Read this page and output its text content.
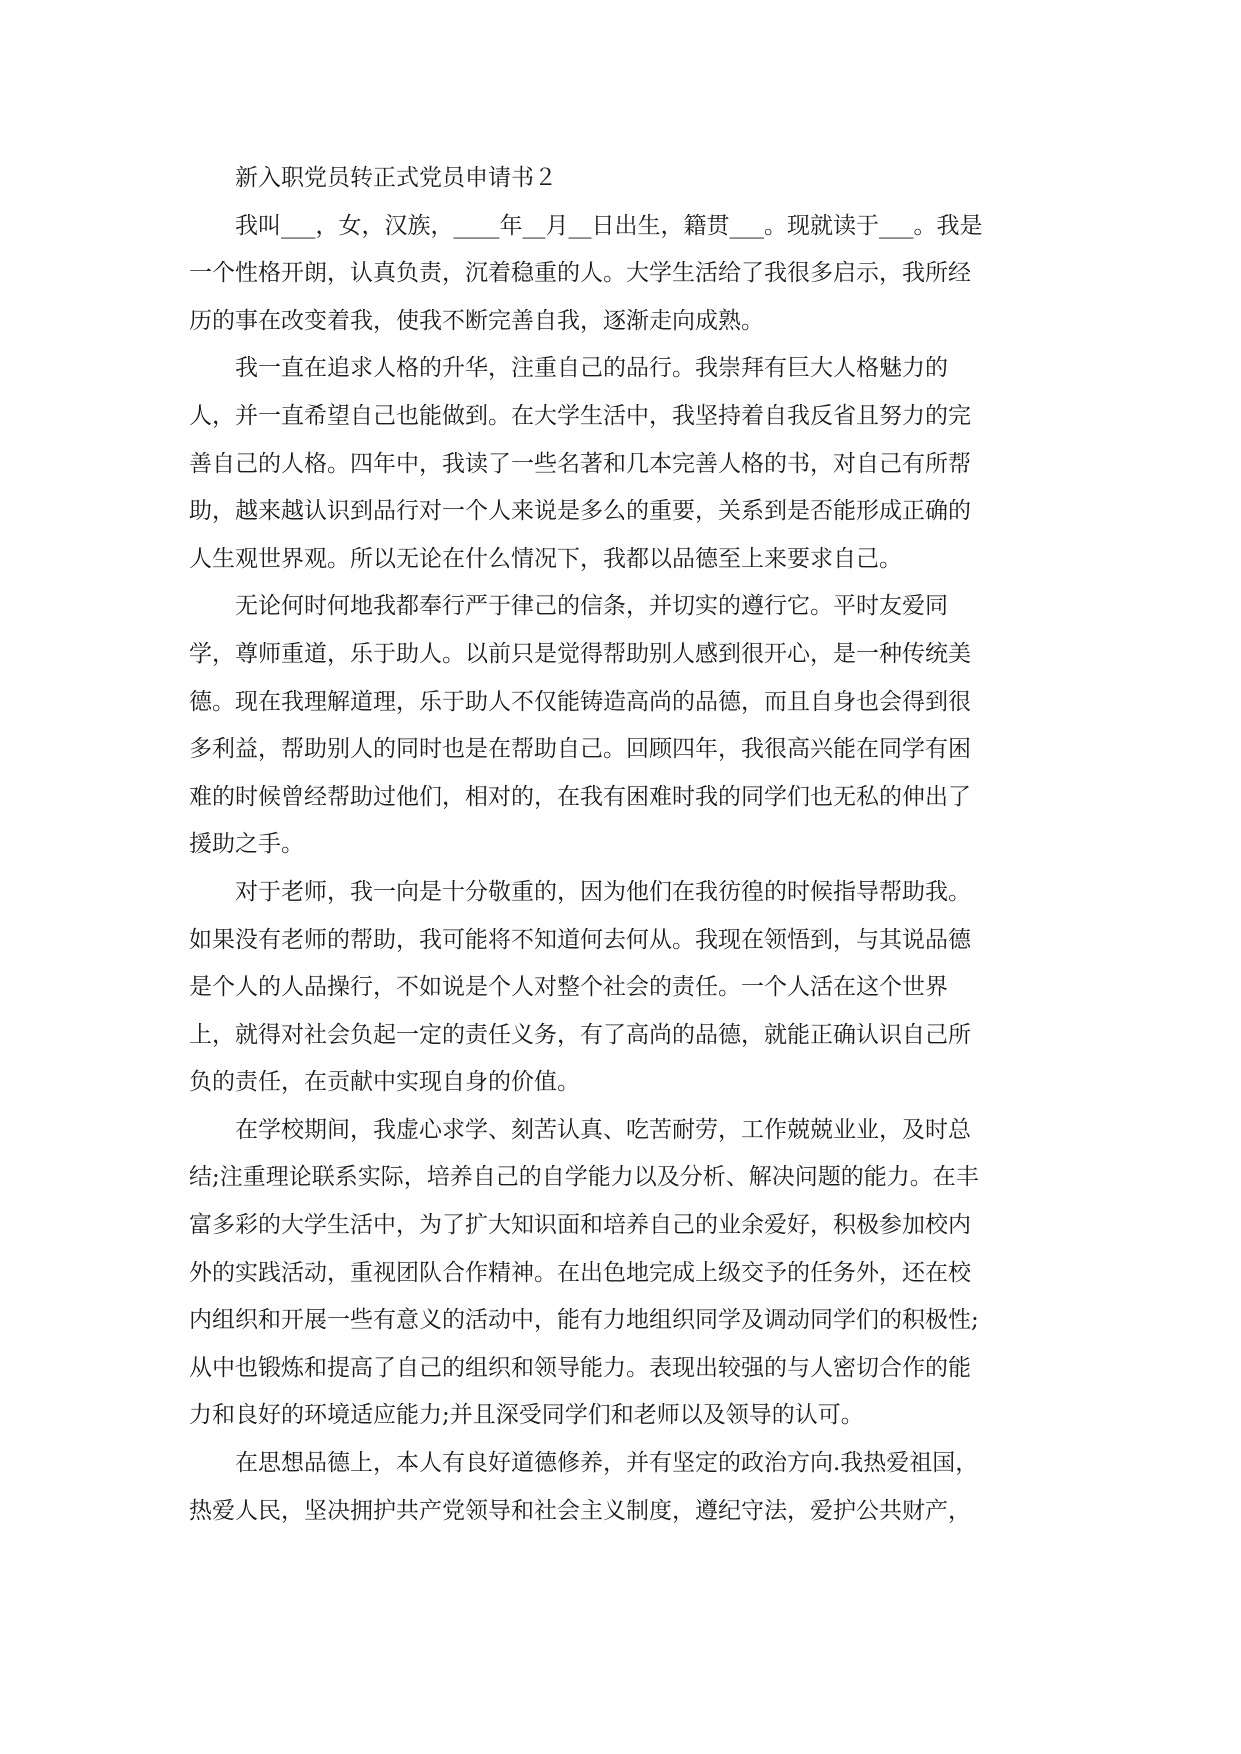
新入职党员转正式党员申请书２

我叫___，女，汉族，____年__月__日出生，籍贯___。现就读于___。我是
一个性格开朗，认真负责，沉着稳重的人。大学生活给了我很多启示，我所经
历的事在改变着我，使我不断完善自我，逐渐走向成熟。

我一直在追求人格的升华，注重自己的品行。我崇拜有巨大人格魅力的
人，并一直希望自己也能做到。在大学生活中，我坚持着自我反省且努力的完
善自己的人格。四年中，我读了一些名著和几本完善人格的书，对自己有所帮
助，越来越认识到品行对一个人来说是多么的重要，关系到是否能形成正确的
人生观世界观。所以无论在什么情况下，我都以品德至上来要求自己。

无论何时何地我都奉行严于律己的信条，并切实的遵行它。平时友爱同
学，尊师重道，乐于助人。以前只是觉得帮助别人感到很开心，是一种传统美
德。现在我理解道理，乐于助人不仅能铸造高尚的品德，而且自身也会得到很
多利益，帮助别人的同时也是在帮助自己。回顾四年，我很高兴能在同学有困
难的时候曾经帮助过他们，相对的，在我有困难时我的同学们也无私的伸出了
援助之手。

对于老师，我一向是十分敬重的，因为他们在我彷徨的时候指导帮助我。
如果没有老师的帮助，我可能将不知道何去何从。我现在领悟到，与其说品德
是个人的人品操行，不如说是个人对整个社会的责任。一个人活在这个世界
上，就得对社会负起一定的责任义务，有了高尚的品德，就能正确认识自己所
负的责任，在贡献中实现自身的价值。

在学校期间，我虚心求学、刻苦认真、吃苦耐劳，工作兢兢业业，及时总
结;注重理论联系实际，培养自己的自学能力以及分析、解决问题的能力。在丰
富多彩的大学生活中，为了扩大知识面和培养自己的业余爱好，积极参加校内
外的实践活动，重视团队合作精神。在出色地完成上级交予的任务外，还在校
内组织和开展一些有意义的活动中，能有力地组织同学及调动同学们的积极性;
从中也锻炼和提高了自己的组织和领导能力。表现出较强的与人密切合作的能
力和良好的环境适应能力;并且深受同学们和老师以及领导的认可。

在思想品德上，本人有良好道德修养，并有坚定的政治方向.我热爱祖国，
热爱人民，坚决拥护共产党领导和社会主义制度，遵纪守法，爱护公共财产，
